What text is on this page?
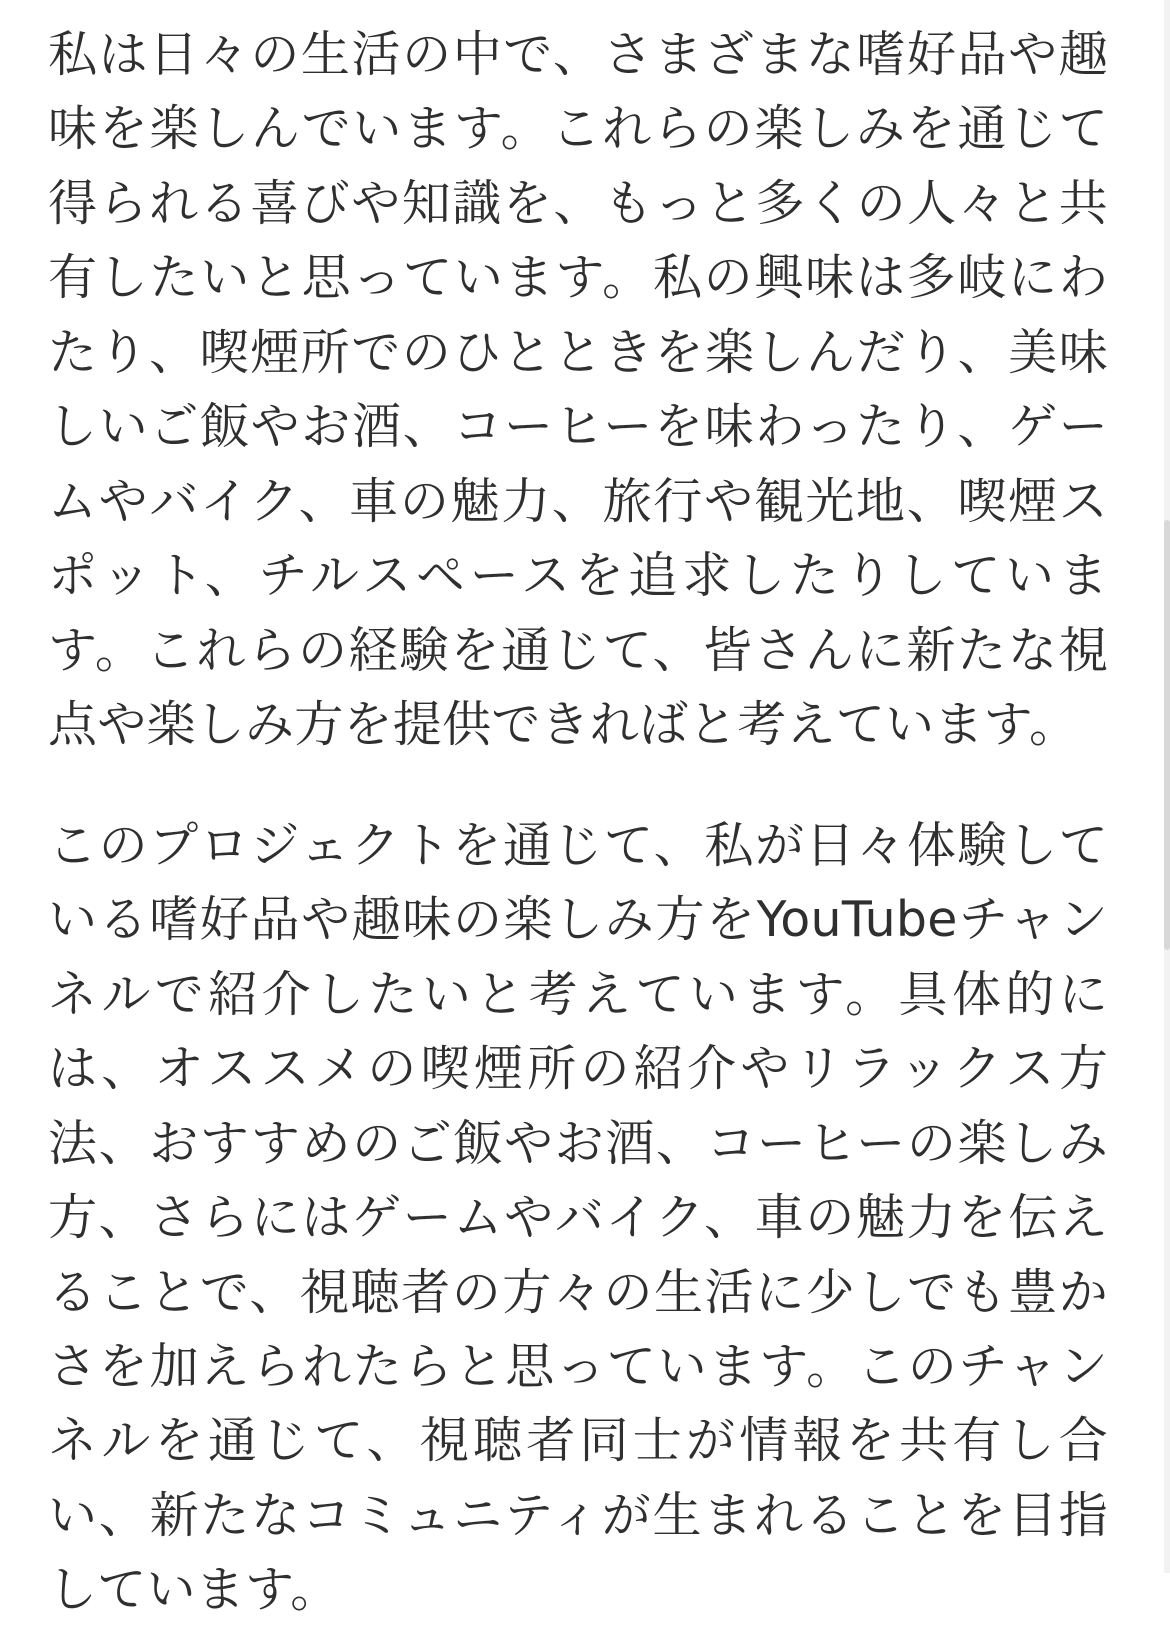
私は日々の生活の中で、さまざまな嗜好品や趣味を楽しんでいます。これらの楽しみを通じて得られる喜びや知識を、もっと多くの人々と共有したいと思っています。私の興味は多岐にわたり、喫煙所でのひとときを楽しんだり、美味しいご飯やお酒、コーヒーを味わったり、ゲームやバイク、車の魅力、旅行や観光地、喫煙スポット、チルスペースを追求したりしています。これらの経験を通じて、皆さんに新たな視点や楽しみ方を提供できればと考えています。

このプロジェクトを通じて、私が日々体験している嗜好品や趣味の楽しみ方をYouTubeチャンネルで紹介したいと考えています。具体的には、オススメの喫煙所の紹介やリラックス方法、おすすめのご飯やお酒、コーヒーの楽しみ方、さらにはゲームやバイク、車の魅力を伝えることで、視聴者の方々の生活に少しでも豊かさを加えられたらと思っています。このチャンネルを通じて、視聴者同士が情報を共有し合い、新たなコミュニティが生まれることを目指しています。
